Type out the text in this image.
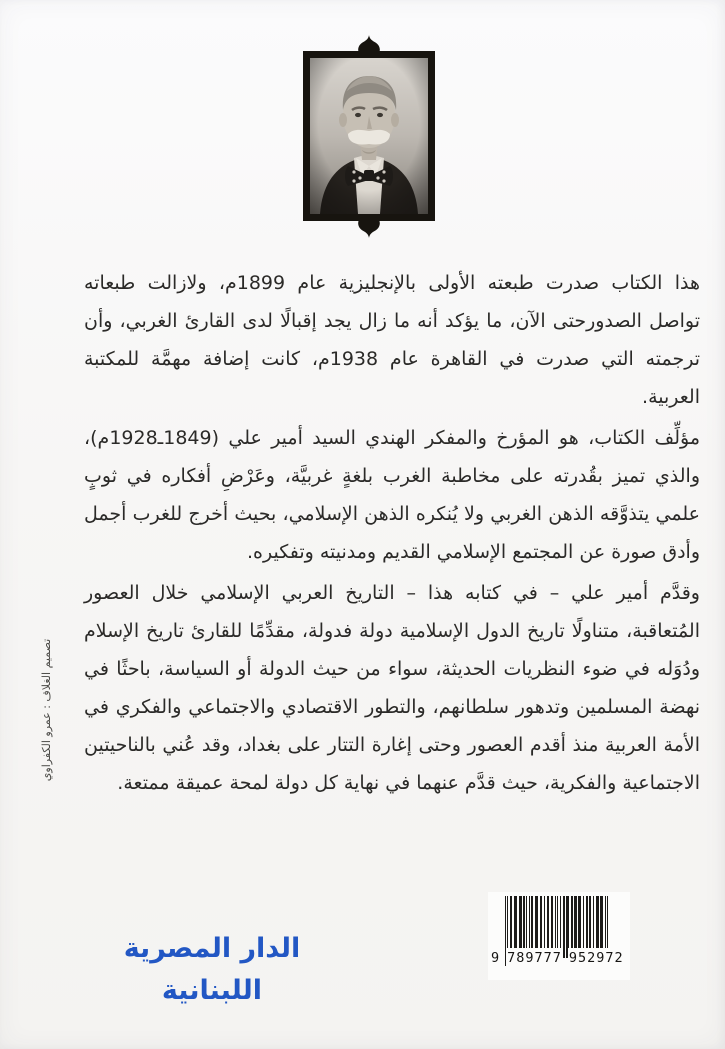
هذا الكتاب صدرت طبعته الأولى بالإنجليزية عام 1899م، ولازالت طبعاته تواصل الصدورحتى الآن، ما يؤكد أنه ما زال يجد إقبالًا لدى القارئ الغربي، وأن ترجمته التي صدرت في القاهرة عام 1938م، كانت إضافة مهمَّة للمكتبة العربية.

مؤلِّف الكتاب، هو المؤرخ والمفكر الهندي السيد أمير علي (1849ـ1928م)، والذي تميز بقُدرته على مخاطبة الغرب بلغةٍ غربيَّة، وعَرْضِ أفكاره في ثوبٍ علمي يتذوَّقه الذهن الغربي ولا يُنكره الذهن الإسلامي، بحيث أخرج للغرب أجمل وأدق صورة عن المجتمع الإسلامي القديم ومدنيته وتفكيره.

وقدَّم أمير علي – في كتابه هذا – التاريخ العربي الإسلامي خلال العصور المُتعاقبة، متناولًا تاريخ الدول الإسلامية دولة فدولة، مقدِّمًا للقارئ تاريخ الإسلام ودُوَله في ضوء النظريات الحديثة، سواء من حيث الدولة أو السياسة، باحثًا في نهضة المسلمين وتدهور سلطانهم، والتطور الاقتصادي والاجتماعي والفكري في الأمة العربية منذ أقدم العصور وحتى إغارة التتار على بغداد، وقد عُني بالناحيتين الاجتماعية والفكرية، حيث قدَّم عنهما في نهاية كل دولة لمحة عميقة ممتعة.

تصميم الغلاف : عمرو الكفراوي
الدار المصرية اللبنانية
9 789777 952972
